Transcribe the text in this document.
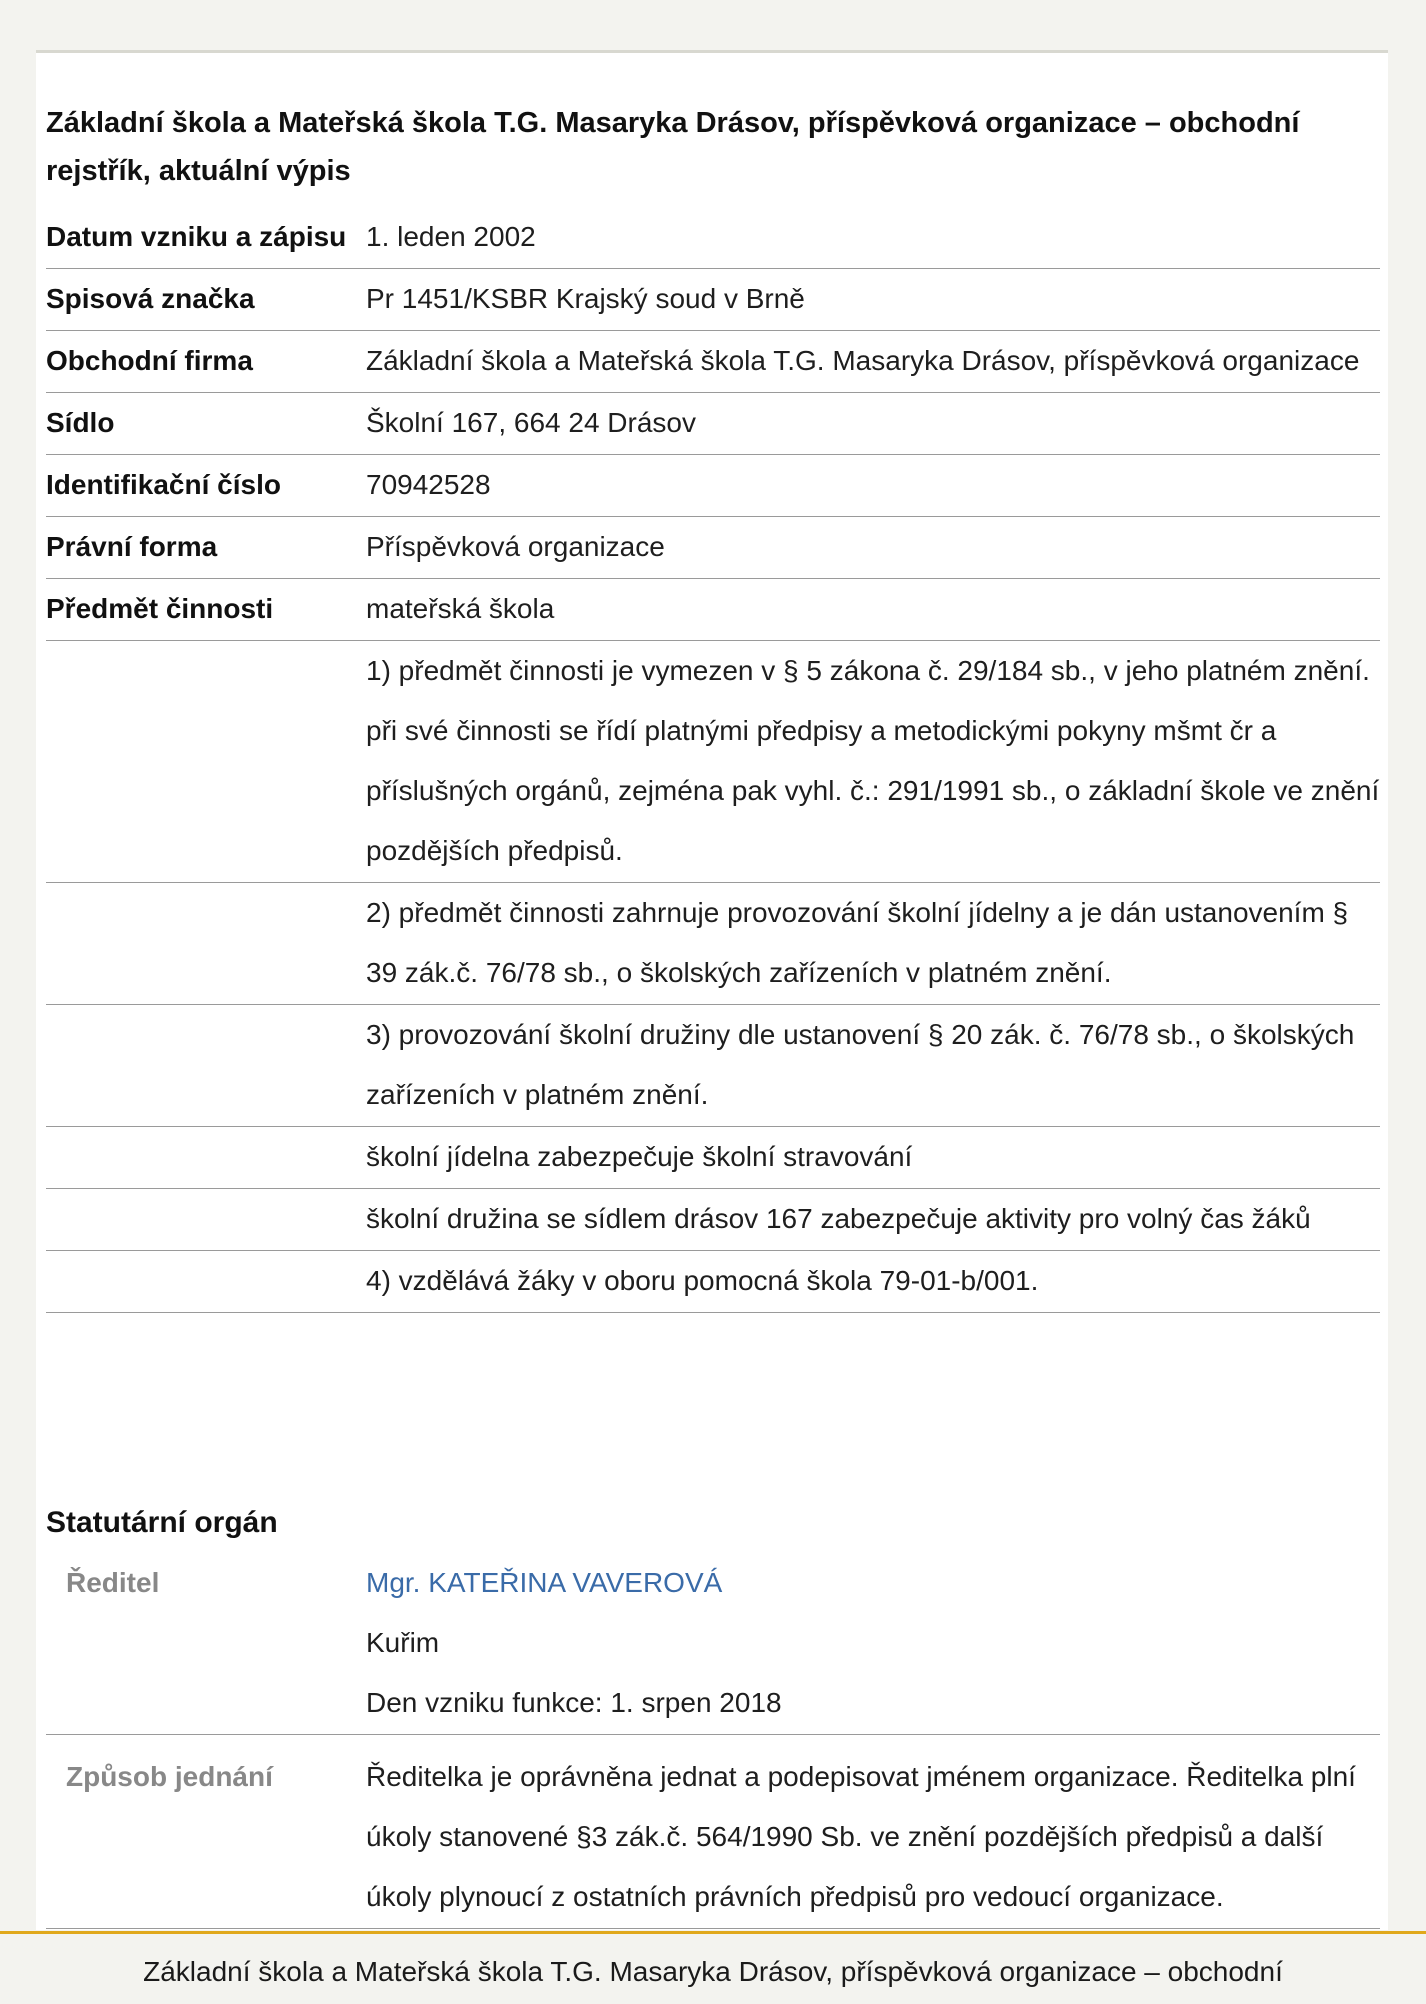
Základní škola a Mateřská škola T.G. Masaryka Drásov, příspěvková organizace – obchodní rejstřík, aktuální výpis
Datum vzniku a zápisu 1. leden 2002
Spisová značka	Pr 1451/KSBR Krajský soud v Brně
Obchodní firma	Základní škola a Mateřská škola T.G. Masaryka Drásov, příspěvková organizace
Sídlo	Školní 167, 664 24 Drásov
Identifikační číslo	70942528
Právní forma	Příspěvková organizace
Předmět činnosti	mateřská škola
1) předmět činnosti je vymezen v § 5 zákona č. 29/184 sb., v jeho platném znění. při své činnosti se řídí platnými předpisy a metodickými pokyny mšmt čr a příslušných orgánů, zejména pak vyhl. č.: 291/1991 sb., o základní škole ve znění pozdějších předpisů.
2) předmět činnosti zahrnuje provozování školní jídelny a je dán ustanovením § 39 zák.č. 76/78 sb., o školských zařízeních v platném znění.
3) provozování školní družiny dle ustanovení § 20 zák. č. 76/78 sb., o školských zařízeních v platném znění.
školní jídelna zabezpečuje školní stravování
školní družina se sídlem drásov 167 zabezpečuje aktivity pro volný čas žáků
4) vzdělává žáky v oboru pomocná škola 79-01-b/001.
Statutární orgán
Ředitel	Mgr. KATEŘINA VAVEROVÁ
Kuřim
Den vzniku funkce: 1. srpen 2018
Způsob jednání	Ředitelka je oprávněna jednat a podepisovat jménem organizace. Ředitelka plní úkoly stanovené §3 zák.č. 564/1990 Sb. ve znění pozdějších předpisů a další úkoly plynoucí z ostatních právních předpisů pro vedoucí organizace.
Základní škola a Mateřská škola T.G. Masaryka Drásov, příspěvková organizace – obchodní
